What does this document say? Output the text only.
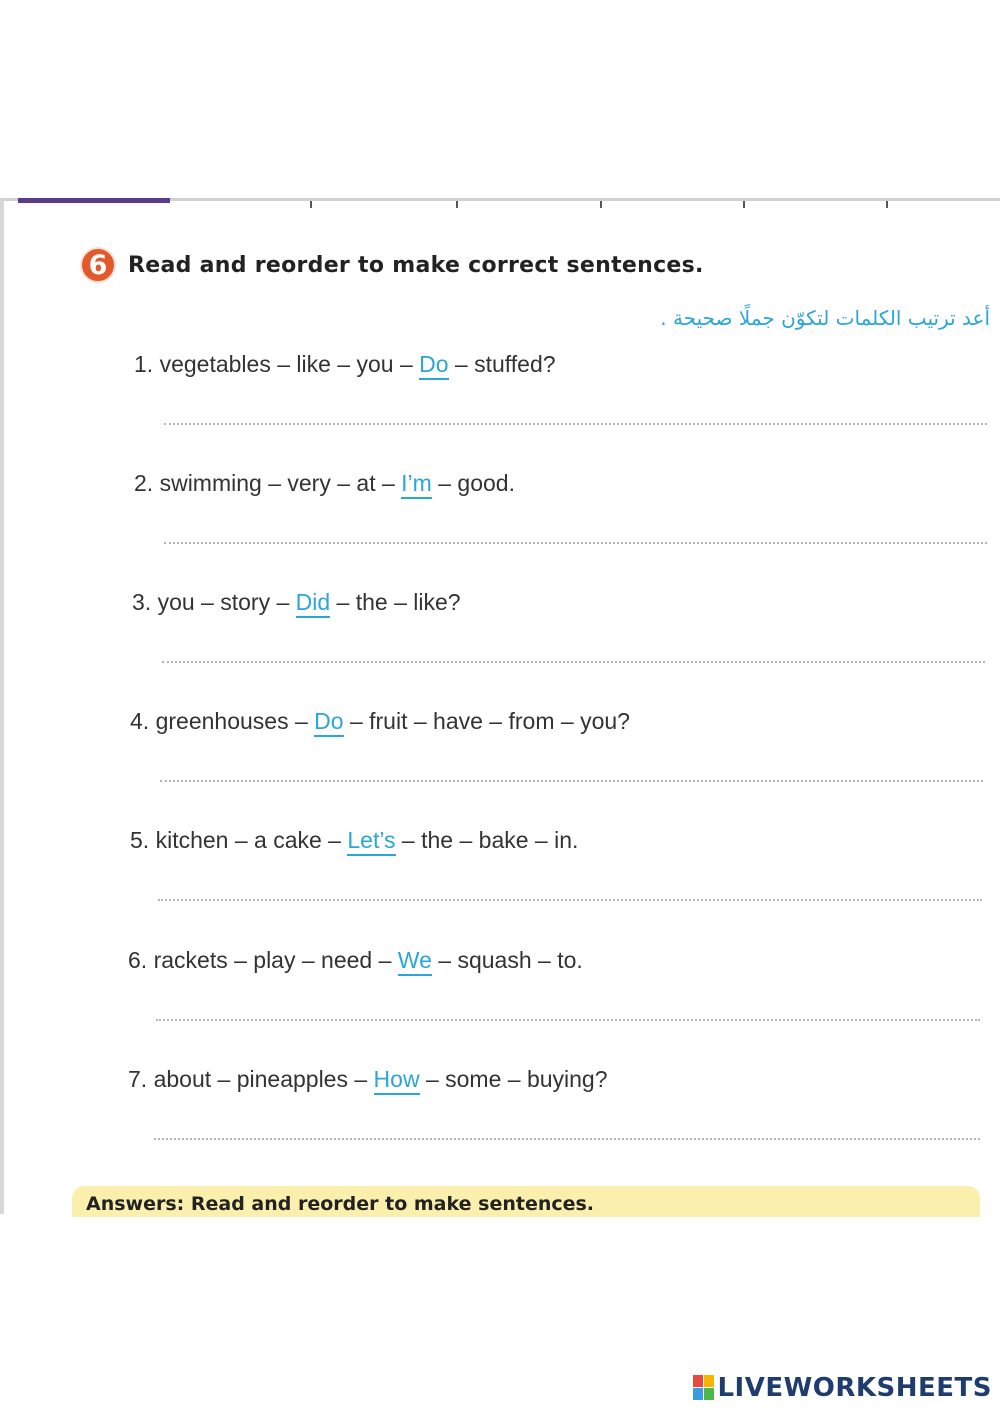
6 Read and reorder to make correct sentences.
أعد ترتيب الكلمات لتكوّن جملًا صحيحة .
1. vegetables – like – you – Do – stuffed?
2. swimming – very – at – I’m – good.
3. you – story – Did – the – like?
4. greenhouses – Do – fruit – have – from – you?
5. kitchen – a cake – Let’s – the – bake – in.
6. rackets – play – need – We – squash – to.
7. about – pineapples – How – some – buying?
Answers: Read and reorder to make sentences.
LIVEWORKSHEETS
